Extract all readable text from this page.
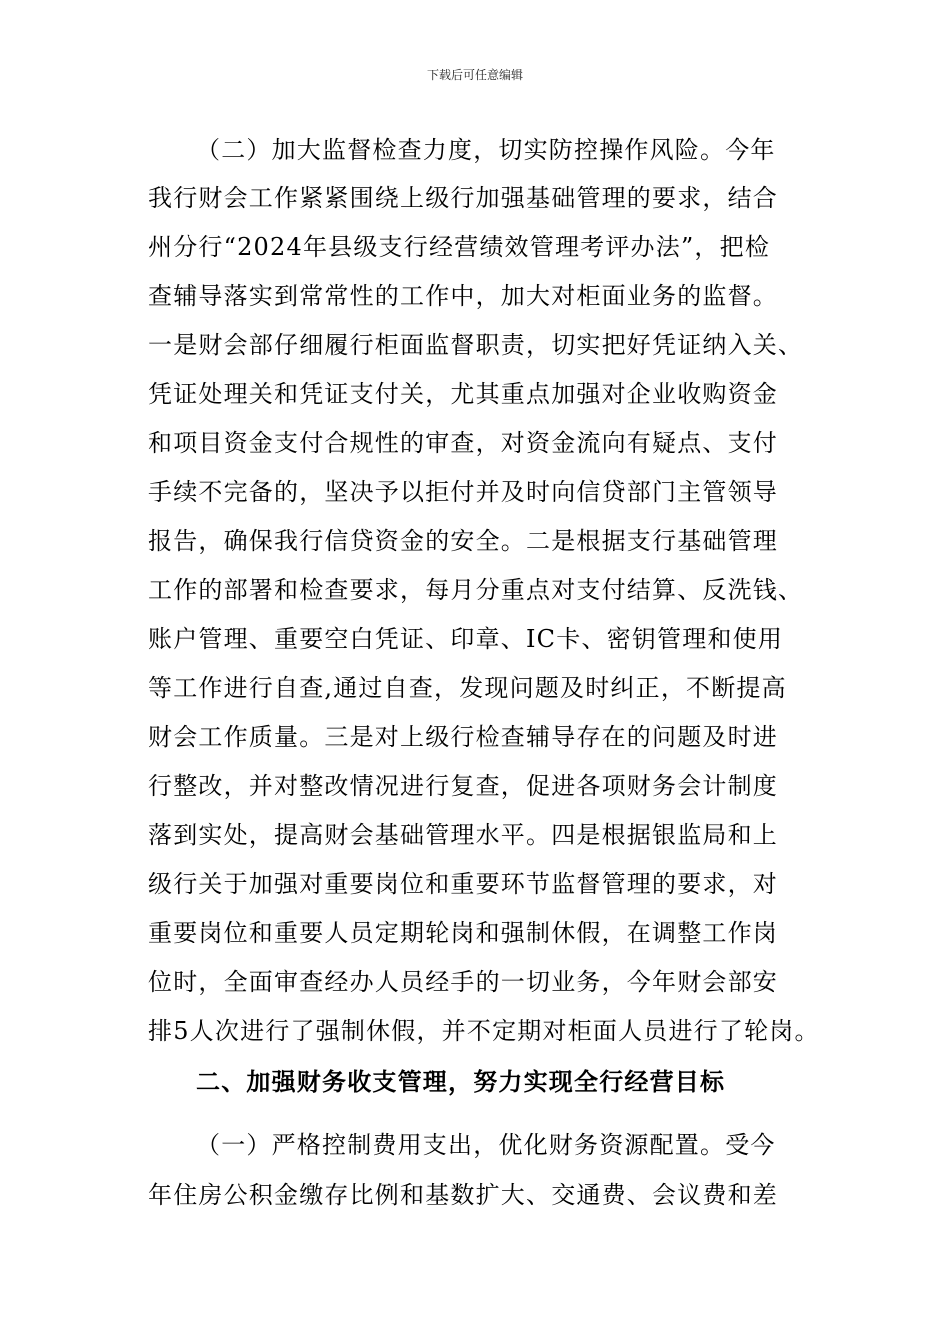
下载后可任意编辑
（二）加大监督检查力度，切实防控操作风险。今年
我行财会工作紧紧围绕上级行加强基础管理的要求，结合
州分行“2024年县级支行经营绩效管理考评办法”，把检
查辅导落实到常常性的工作中，加大对柜面业务的监督。
一是财会部仔细履行柜面监督职责，切实把好凭证纳入关、
凭证处理关和凭证支付关，尤其重点加强对企业收购资金
和项目资金支付合规性的审查，对资金流向有疑点、支付
手续不完备的，坚决予以拒付并及时向信贷部门主管领导
报告，确保我行信贷资金的安全。二是根据支行基础管理
工作的部署和检查要求，每月分重点对支付结算、反洗钱、
账户管理、重要空白凭证、印章、IC卡、密钥管理和使用
等工作进行自查,通过自查，发现问题及时纠正，不断提高
财会工作质量。三是对上级行检查辅导存在的问题及时进
行整改，并对整改情况进行复查，促进各项财务会计制度
落到实处，提高财会基础管理水平。四是根据银监局和上
级行关于加强对重要岗位和重要环节监督管理的要求，对
重要岗位和重要人员定期轮岗和强制休假，在调整工作岗
位时，全面审查经办人员经手的一切业务，今年财会部安
排5人次进行了强制休假，并不定期对柜面人员进行了轮岗。
二、加强财务收支管理，努力实现全行经营目标
（一）严格控制费用支出，优化财务资源配置。受今
年住房公积金缴存比例和基数扩大、交通费、会议费和差
